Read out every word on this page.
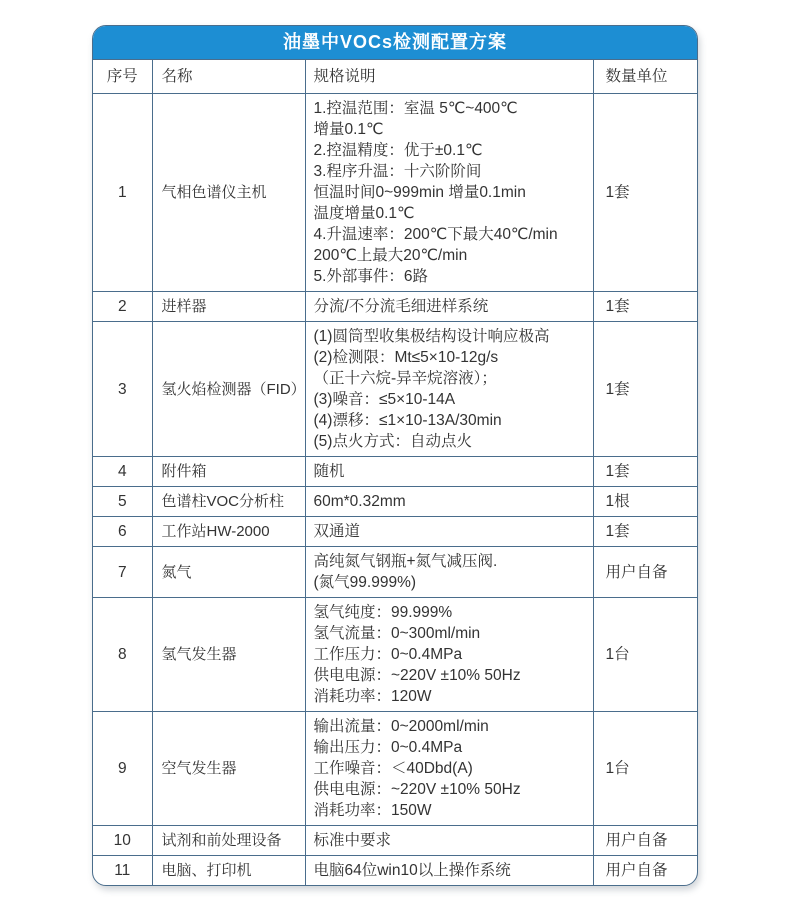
油墨中VOCs检测配置方案
序号	名称	规格说明	数量单位
1	气相色谱仪主机	
1.控温范围：室温 5℃~400℃
增量0.1℃
2.控温精度：优于±0.1℃
3.程序升温：十六阶阶间
恒温时间0~999min 增量0.1min
温度增量0.1℃
4.升温速率：200℃下最大40℃/min
200℃上最大20℃/min
5.外部事件：6路
	1套
2	进样器	分流/不分流毛细进样系统	1套
3	氢火焰检测器（FID）	
(1)圆筒型收集极结构设计响应极高
(2)检测限：Mt≤5×10-12g/s
（正十六烷-异辛烷溶液）；
(3)噪音：≤5×10-14A
(4)漂移：≤1×10-13A/30min
(5)点火方式：自动点火
	1套
4	附件箱	随机	1套
5	色谱柱VOC分析柱	60m*0.32mm	1根
6	工作站HW-2000	双通道	1套
7	氮气	高纯氮气钢瓶+氮气减压阀.
(氮气99.999%)	用户自备
8	氢气发生器	氢气纯度：99.999%
氢气流量：0~300ml/min
工作压力：0~0.4MPa
供电电源：~220V ±10% 50Hz
消耗功率：120W	1台
9	空气发生器	输出流量：0~2000ml/min
输出压力：0~0.4MPa
工作噪音：＜40Dbd(A)
供电电源：~220V ±10% 50Hz
消耗功率：150W	1台
10	试剂和前处理设备	标准中要求	用户自备
11	电脑、打印机	电脑64位win10以上操作系统	用户自备
